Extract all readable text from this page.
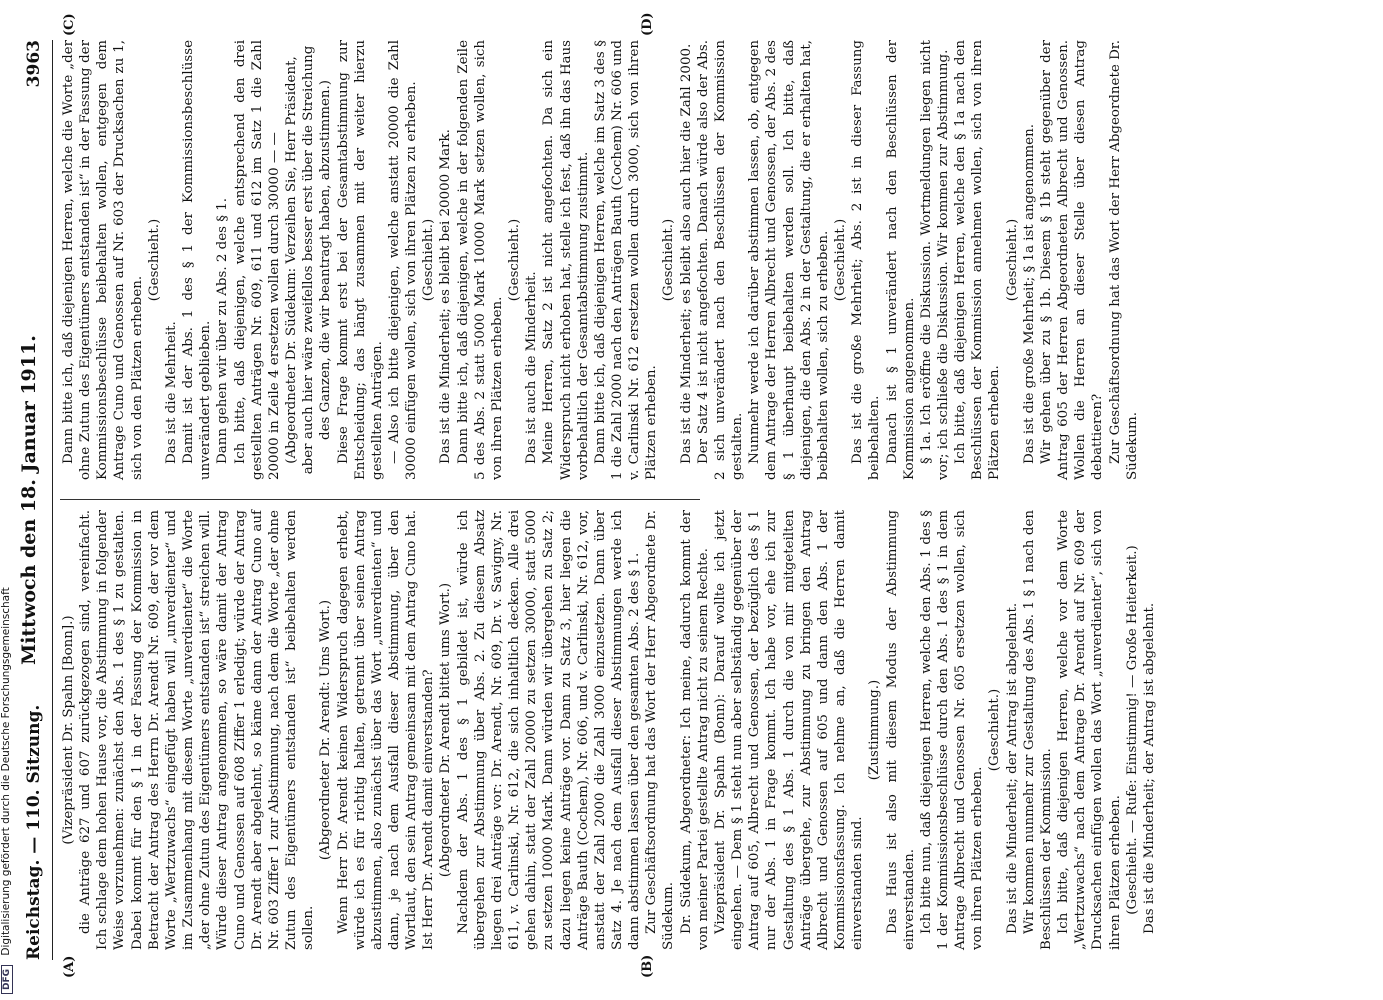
Reichstag. — 110. Sitzung.
Mittwoch den 18. Januar 1911.
3963
(A)	(B)
(C)	(D)

(Vizepräsident Dr. Spahn [Bonn].) die Anträge 627 und 607 zurückgezogen sind, vereinfacht. Ich schlage dem hohen Hause vor, die Abstimmung in folgender Weise vorzunehmen: zunächst den Abs. 1 des § 1 zu gestalten. Dabei kommt für den § 1 in der Fassung der Kommission in Betracht der Antrag des Herrn Dr. Arendt Nr. 609, der vor dem Worte „Wertzuwachs“ eingefügt haben will „unverdienter“ und im Zusammenhang mit diesem Worte „unverdienter“ die Worte „der ohne Zutun des Eigentümers entstanden ist“ streichen will. Würde dieser Antrag angenommen, so wäre damit der Antrag Cuno und Genossen auf 608 Ziffer 1 erledigt; würde der Antrag Dr. Arendt aber abgelehnt, so käme dann der Antrag Cuno auf Nr. 603 Ziffer 1 zur Abstimmung, nach dem die Worte „der ohne Zutun des Eigentümers entstanden ist“ beibehalten werden sollen.

(Abgeordneter Dr. Arendt: Ums Wort.) Wenn Herr Dr. Arendt keinen Widerspruch dagegen erhebt, würde ich es für richtig halten, getrennt über seinen Antrag abzustimmen, also zunächst über das Wort „unverdienten“ und dann, je nach dem Ausfall dieser Abstimmung, über den Wortlaut, den sein Antrag gemeinsam mit dem Antrag Cuno hat. Ist Herr Dr. Arendt damit einverstanden? (Abgeordneter Dr. Arendt bittet ums Wort.) Nachdem der Abs. 1 des § 1 gebildet ist, würde ich übergehen zur Abstimmung über Abs. 2. Zu diesem Absatz liegen drei Anträge vor: Dr. Arendt, Nr. 609, Dr. v. Savigny, Nr. 611, v. Carlinski, Nr. 612, die sich inhaltlich decken. Alle drei gehen dahin, statt der Zahl 20000 zu setzen 30000, statt 5000 zu setzen 10000 Mark. Dann würden wir übergehen zu Satz 2; dazu liegen keine Anträge vor. Dann zu Satz 3, hier liegen die Anträge Bauth (Cochem), Nr. 606, und v. Carlinski, Nr. 612, vor, anstatt der Zahl 2000 die Zahl 3000 einzusetzen. Dann über Satz 4. Je nach dem Ausfall dieser Abstimmungen werde ich dann abstimmen lassen über den gesamten Abs. 2 des § 1. Zur Geschäftsordnung hat das Wort der Herr Abgeordnete Dr. Südekum. Dr. Südekum, Abgeordneter: Ich meine, dadurch kommt der von meiner Partei gestellte Antrag nicht zu seinem Rechte. Vizepräsident Dr. Spahn (Bonn): Darauf wollte ich jetzt eingehen. — Dem § 1 steht nun aber selbständig gegenüber der Antrag auf 605, Albrecht und Genossen, der bezüglich des § 1 nur der Abs. 1 in Frage kommt. Ich habe vor, ehe ich zur Gestaltung des § 1 Abs. 1 durch die von mir mitgeteilten Anträge übergehe, zur Abstimmung zu bringen den Antrag Albrecht und Genossen auf 605 und dann den Abs. 1 der Kommissionsfassung. Ich nehme an, daß die Herren damit einverstanden sind.

(Zustimmung.) Das Haus ist also mit diesem Modus der Abstimmung einverstanden. Ich bitte nun, daß diejenigen Herren, welche den Abs. 1 des § 1 der Kommissionsbeschlüsse durch den Abs. 1 des § 1 in dem Antrage Albrecht und Genossen Nr. 605 ersetzen wollen, sich von ihren Plätzen erheben.

(Geschieht.) Das ist die Minderheit; der Antrag ist abgelehnt. Wir kommen nunmehr zur Gestaltung des Abs. 1 § 1 nach den Beschlüssen der Kommission. Ich bitte, daß diejenigen Herren, welche vor dem Worte „Wertzuwachs“ nach dem Antrage Dr. Arendt auf Nr. 609 der Drucksachen einfügen wollen das Wort „unverdienter“, sich von ihren Plätzen erheben. (Geschieht. — Rufe: Einstimmig! — Große Heiterkeit.) Das ist die Minderheit; der Antrag ist abgelehnt.

Dann bitte ich, daß diejenigen Herren, welche die Worte „der ohne Zutun des Eigentümers entstanden ist“ in der Fassung der Kommissionsbeschlüsse beibehalten wollen, entgegen dem Antrage Cuno und Genossen auf Nr. 603 der Drucksachen zu 1, sich von den Plätzen erheben.

(Geschieht.)

Das ist die Mehrheit. Damit ist der Abs. 1 des § 1 der Kommissionsbeschlüsse unverändert geblieben. Dann gehen wir über zu Abs. 2 des § 1. Ich bitte, daß diejenigen, welche entsprechend den drei gestellten Anträgen Nr. 609, 611 und 612 im Satz 1 die Zahl 20000 in Zeile 4 ersetzen wollen durch 30000 — — (Abgeordneter Dr. Südekum: Verzeihen Sie, Herr Präsident, aber auch hier wäre zweifellos besser erst über die Streichung des Ganzen, die wir beantragt haben, abzustimmen.) Diese Frage kommt erst bei der Gesamtabstimmung zur Entscheidung; das hängt zusammen mit der weiter hierzu gestellten Anträgen. — Also ich bitte diejenigen, welche anstatt 20000 die Zahl 30000 einfügen wollen, sich von ihren Plätzen zu erheben. (Geschieht.) Das ist die Minderheit; es bleibt bei 20000 Mark. Dann bitte ich, daß diejenigen, welche in der folgenden Zeile 5 des Abs. 2 statt 5000 Mark 10000 Mark setzen wollen, sich von ihren Plätzen erheben.

(Geschieht.)

Das ist auch die Minderheit. Meine Herren, Satz 2 ist nicht angefochten. Da sich ein Widerspruch nicht erhoben hat, stelle ich fest, daß ihn das Haus vorbehaltlich der Gesamtabstimmung zustimmt. Dann bitte ich, daß diejenigen Herren, welche im Satz 3 des § 1 die Zahl 2000 nach den Anträgen Bauth (Cochem) Nr. 606 und v. Carlinski Nr. 612 ersetzen wollen durch 3000, sich von ihren Plätzen erheben.

(Geschieht.) Das ist die Minderheit; es bleibt also auch hier die Zahl 2000. Der Satz 4 ist nicht angefochten. Danach würde also der Abs. 2 sich unverändert nach den Beschlüssen der Kommission gestalten. Nunmehr werde ich darüber abstimmen lassen, ob, entgegen dem Antrage der Herren Albrecht und Genossen, der Abs. 2 des § 1 überhaupt beibehalten werden soll. Ich bitte, daß diejenigen, die den Abs. 2 in der Gestaltung, die er erhalten hat, beibehalten wollen, sich zu erheben. (Geschieht.) Das ist die große Mehrheit; Abs. 2 ist in dieser Fassung beibehalten. Danach ist § 1 unverändert nach den Beschlüssen der Kommission angenommen. § 1a. Ich eröffne die Diskussion. Wortmeldungen liegen nicht vor; ich schließe die Diskussion. Wir kommen zur Abstimmung. Ich bitte, daß diejenigen Herren, welche den § 1a nach den Beschlüssen der Kommission annehmen wollen, sich von ihren Plätzen erheben.

(Geschieht.) Das ist die große Mehrheit; § 1a ist angenommen. Wir gehen über zu § 1b. Diesem § 1b steht gegenüber der Antrag 605 der Herren Abgeordneten Albrecht und Genossen. Wollen die Herren an dieser Stelle über diesen Antrag debattieren? Zur Geschäftsordnung hat das Wort der Herr Abgeordnete Dr. Südekum.

DFG Digitalisierung gefördert durch die Deutsche Forschungsgemeinschaft
